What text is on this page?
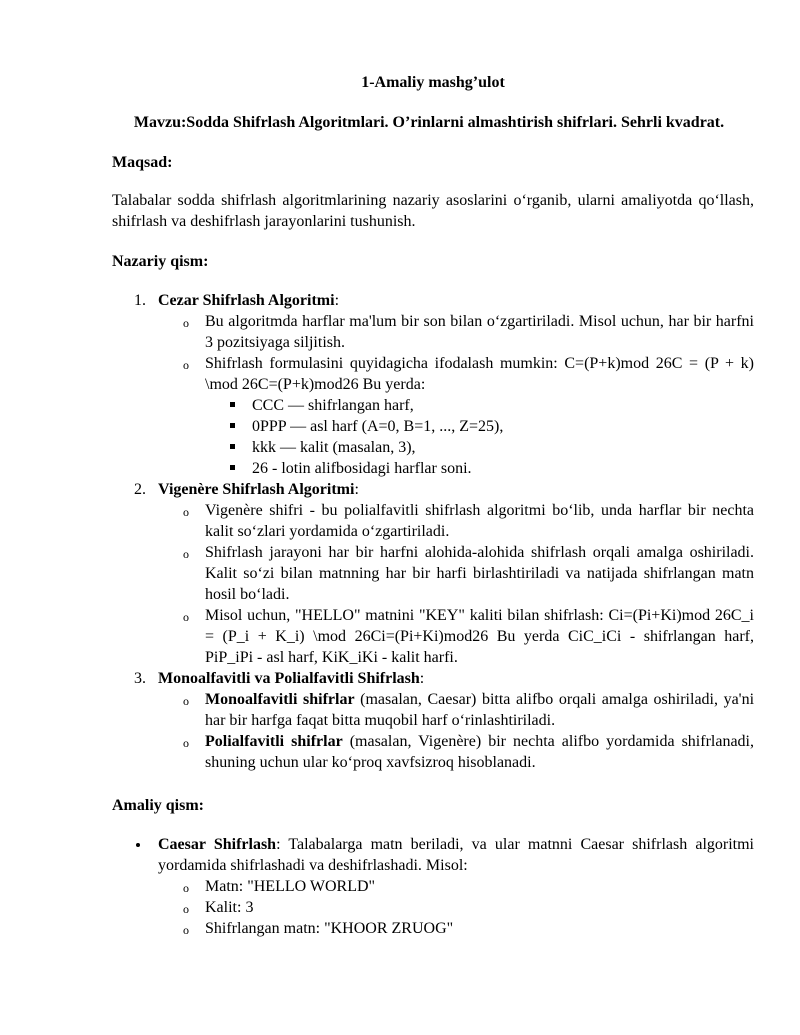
1-Amaliy mashg’ulot

Mavzu:Sodda Shifrlash Algoritmlari. O’rinlarni almashtirish shifrlari. Sehrli kvadrat.

Maqsad:

Talabalar sodda shifrlash algoritmlarining nazariy asoslarini o‘rganib, ularni amaliyotda qo‘llash, shifrlash va deshifrlash jarayonlarini tushunish.

Nazariy qism:

1. Cezar Shifrlash Algoritmi:
o Bu algoritmda harflar ma'lum bir son bilan o‘zgartiriladi. Misol uchun, har bir harfni 3 pozitsiyaga siljitish.
o Shifrlash formulasini quyidagicha ifodalash mumkin: C=(P+k)mod 26C = (P + k) \mod 26C=(P+k)mod26 Bu yerda:
CCC — shifrlangan harf,
0PPP — asl harf (A=0, B=1, ..., Z=25),
kkk — kalit (masalan, 3),
26 - lotin alifbosidagi harflar soni.
2. Vigenère Shifrlash Algoritmi:
o Vigenère shifri - bu polialfavitli shifrlash algoritmi bo‘lib, unda harflar bir nechta kalit so‘zlari yordamida o‘zgartiriladi.
o Shifrlash jarayoni har bir harfni alohida-alohida shifrlash orqali amalga oshiriladi. Kalit so‘zi bilan matnning har bir harfi birlashtiriladi va natijada shifrlangan matn hosil bo‘ladi.
o Misol uchun, "HELLO" matnini "KEY" kaliti bilan shifrlash: Ci=(Pi+Ki)mod 26C_i = (P_i + K_i) \mod 26Ci=(Pi+Ki)mod26 Bu yerda CiC_iCi - shifrlangan harf, PiP_iPi - asl harf, KiK_iKi - kalit harfi.
3. Monoalfavitli va Polialfavitli Shifrlash:
o Monoalfavitli shifrlar (masalan, Caesar) bitta alifbo orqali amalga oshiriladi, ya'ni har bir harfga faqat bitta muqobil harf o‘rinlashtiriladi.
o Polialfavitli shifrlar (masalan, Vigenère) bir nechta alifbo yordamida shifrlanadi, shuning uchun ular ko‘proq xavfsizroq hisoblanadi.

Amaliy qism:

Caesar Shifrlash: Talabalarga matn beriladi, va ular matnni Caesar shifrlash algoritmi yordamida shifrlashadi va deshifrlashadi. Misol:
o Matn: "HELLO WORLD"
o Kalit: 3
o Shifrlangan matn: "KHOOR ZRUOG"
